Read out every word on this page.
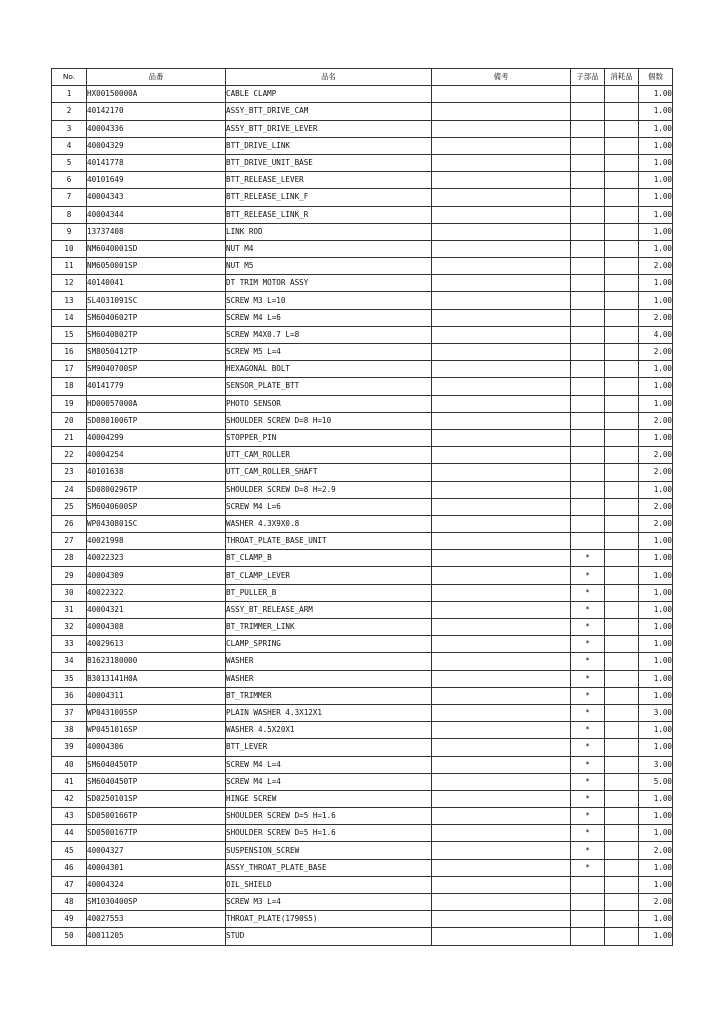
No.	品番	品名	備考	子部品	消耗品	個数
1	HX00150000A	CABLE CLAMP				1.00
2	40142170	ASSY_BTT_DRIVE_CAM				1.00
3	40004336	ASSY_BTT_DRIVE_LEVER				1.00
4	40004329	BTT_DRIVE_LINK				1.00
5	40141778	BTT_DRIVE_UNIT_BASE				1.00
6	40101649	BTT_RELEASE_LEVER				1.00
7	40004343	BTT_RELEASE_LINK_F				1.00
8	40004344	BTT_RELEASE_LINK_R				1.00
9	13737408	LINK ROD				1.00
10	NM6040001SD	NUT M4				1.00
11	NM6050001SP	NUT M5				2.00
12	40140041	DT TRIM MOTOR ASSY				1.00
13	SL4031091SC	SCREW M3 L=10				1.00
14	SM6040602TP	SCREW M4 L=6				2.00
15	SM6040802TP	SCREW M4X0.7 L=8				4.00
16	SM8050412TP	SCREW M5 L=4				2.00
17	SM9040700SP	HEXAGONAL BOLT				1.00
18	40141779	SENSOR_PLATE_BTT				1.00
19	HD00057000A	PHOTO SENSOR				1.00
20	SD0801006TP	SHOULDER SCREW D=8 H=10				2.00
21	40004299	STOPPER_PIN				1.00
22	40004254	UTT_CAM_ROLLER				2.00
23	40101638	UTT_CAM_ROLLER_SHAFT				2.00
24	SD0800296TP	SHOULDER SCREW D=8 H=2.9				1.00
25	SM6040600SP	SCREW M4 L=6				2.00
26	WP0430801SC	WASHER 4.3X9X0.8				2.00
27	40021998	THROAT_PLATE_BASE_UNIT				1.00
28	40022323	BT_CLAMP_B		*		1.00
29	40004309	BT_CLAMP_LEVER		*		1.00
30	40022322	BT_PULLER_B		*		1.00
31	40004321	ASSY_BT_RELEASE_ARM		*		1.00
32	40004308	BT_TRIMMER_LINK		*		1.00
33	40029613	CLAMP_SPRING		*		1.00
34	B1623180000	WASHER		*		1.00
35	B3013141H0A	WASHER		*		1.00
36	40004311	BT_TRIMMER		*		1.00
37	WP0431005SP	PLAIN WASHER 4.3X12X1		*		3.00
38	WP0451016SP	WASHER 4.5X20X1		*		1.00
39	40004306	BTT_LEVER		*		1.00
40	SM6040450TP	SCREW M4 L=4		*		3.00
41	SM6040450TP	SCREW M4 L=4		*		5.00
42	SD0250101SP	HINGE SCREW		*		1.00
43	SD0500166TP	SHOULDER SCREW D=5 H=1.6		*		1.00
44	SD0500167TP	SHOULDER SCREW D=5 H=1.6		*		1.00
45	40004327	SUSPENSION_SCREW		*		2.00
46	40004301	ASSY_THROAT_PLATE_BASE		*		1.00
47	40004324	OIL_SHIELD				1.00
48	SM1030400SP	SCREW M3 L=4				2.00
49	40027553	THROAT_PLATE(1790S5)				1.00
50	40011205	STUD				1.00
